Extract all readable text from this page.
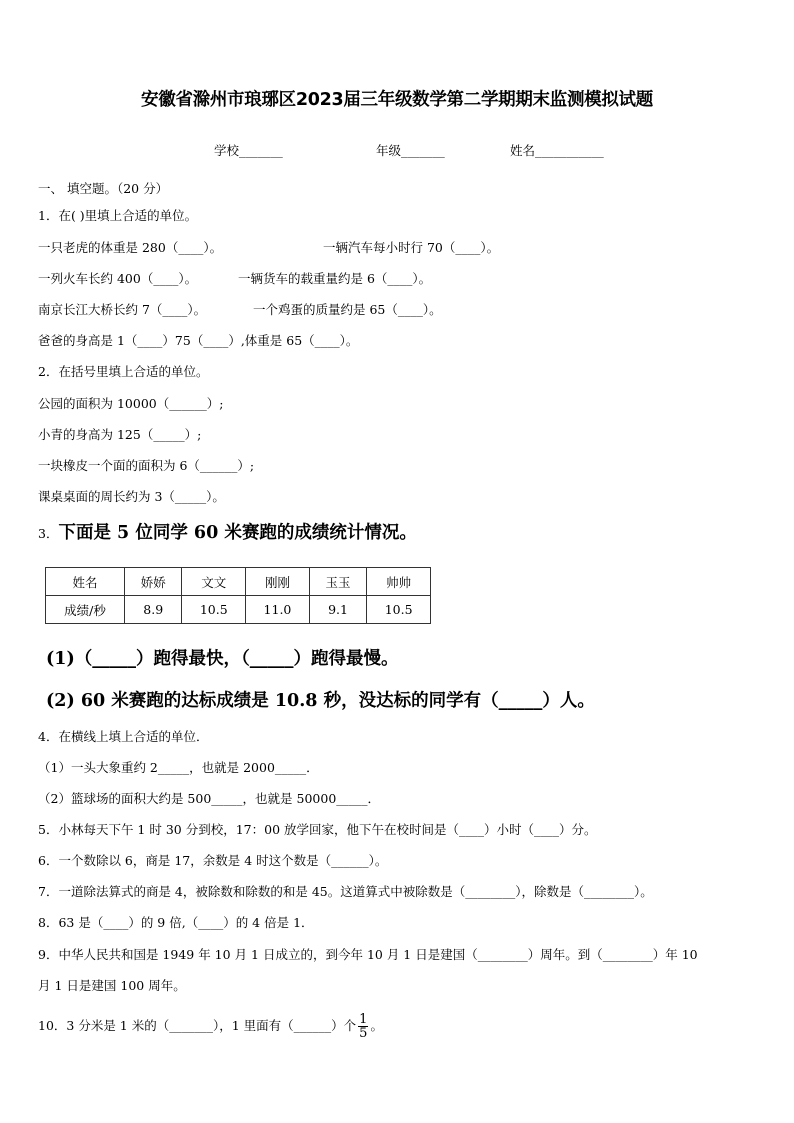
安徽省滁州市琅琊区2023届三年级数学第二学期期末监测模拟试题
学校_______	年级_______	姓名___________
一、 填空题。（20 分）
1．在( )里填上合适的单位。
一只老虎的体重是 280（____）。	一辆汽车每小时行 70（____）。
一列火车长约 400（____）。	一辆货车的载重量约是 6（____）。
南京长江大桥长约 7（____）。	一个鸡蛋的质量约是 65（____）。
爸爸的身高是 1（____）75（____）,体重是 65（____）。
2．在括号里填上合适的单位。
公园的面积为 10000（______）;
小青的身高为 125（_____）;
一块橡皮一个面的面积为 6（______）;
课桌桌面的周长约为 3（_____）。
3．下面是 5 位同学 60 米赛跑的成绩统计情况。
姓名	娇娇	文文	刚刚	玉玉	帅帅
成绩/秒	8.9	10.5	11.0	9.1	10.5
(1)（_____）跑得最快，（_____）跑得最慢。
(2) 60 米赛跑的达标成绩是 10.8 秒，没达标的同学有（_____）人。
4．在横线上填上合适的单位．
（1）一头大象重约 2_____，也就是 2000_____．
（2）篮球场的面积大约是 500_____，也就是 50000_____．
5．小林每天下午 1 时 30 分到校，17：00 放学回家，他下午在校时间是（____）小时（____）分。
6．一个数除以 6，商是 17，余数是 4 时这个数是（______）。
7．一道除法算式的商是 4，被除数和除数的和是 45。这道算式中被除数是（________），除数是（________）。
8．63 是（____）的 9 倍,（____）的 4 倍是 1．
9．中华人民共和国是 1949 年 10 月 1 日成立的，到今年 10 月 1 日是建国（________）周年。到（________）年 10
月 1 日是建国 100 周年。
10．3 分米是 1 米的（_______），1 里面有（______）个 $\frac{1}{5}$ 。
